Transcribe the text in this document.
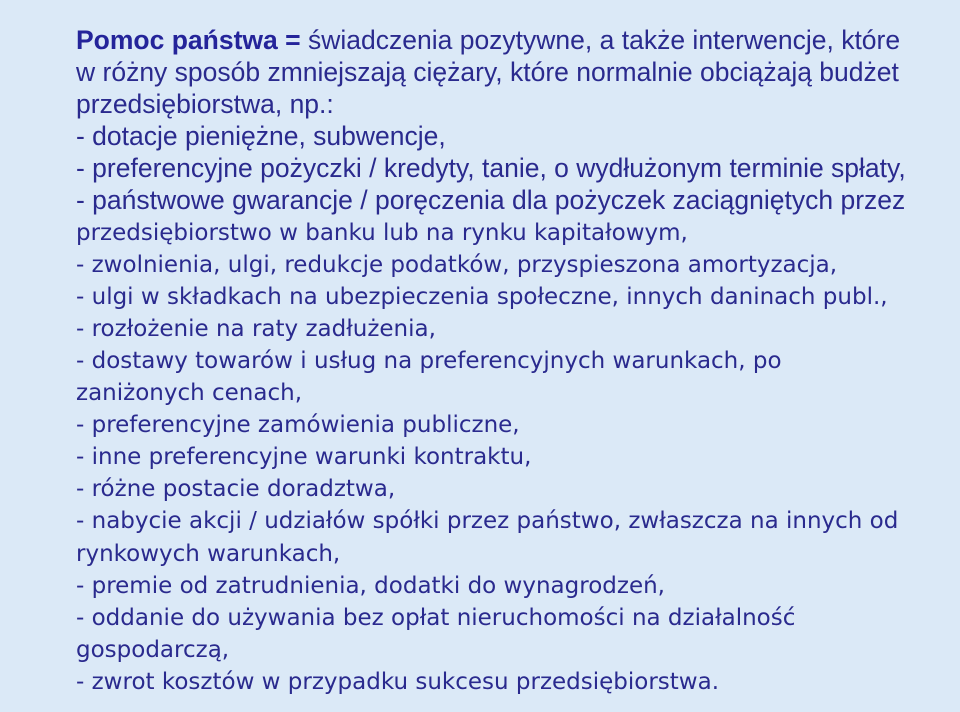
Pomoc państwa = świadczenia pozytywne, a także interwencje, które
w różny sposób zmniejszają ciężary, które normalnie obciążają budżet
przedsiębiorstwa, np.:
- dotacje pieniężne, subwencje,
- preferencyjne pożyczki / kredyty, tanie, o wydłużonym terminie spłaty,
- państwowe gwarancje / poręczenia dla pożyczek zaciągniętych przez
przedsiębiorstwo w banku lub na rynku kapitałowym,
- zwolnienia, ulgi, redukcje podatków, przyspieszona amortyzacja,
- ulgi w składkach na ubezpieczenia społeczne, innych daninach publ.,
- rozłożenie na raty zadłużenia,
- dostawy towarów i usług na preferencyjnych warunkach, po
zaniżonych cenach,
- preferencyjne zamówienia publiczne,
- inne preferencyjne warunki kontraktu,
- różne postacie doradztwa,
- nabycie akcji / udziałów spółki przez państwo, zwłaszcza na innych od
rynkowych warunkach,
- premie od zatrudnienia, dodatki do wynagrodzeń,
- oddanie do używania bez opłat nieruchomości na działalność
gospodarczą,
- zwrot kosztów w przypadku sukcesu przedsiębiorstwa.
